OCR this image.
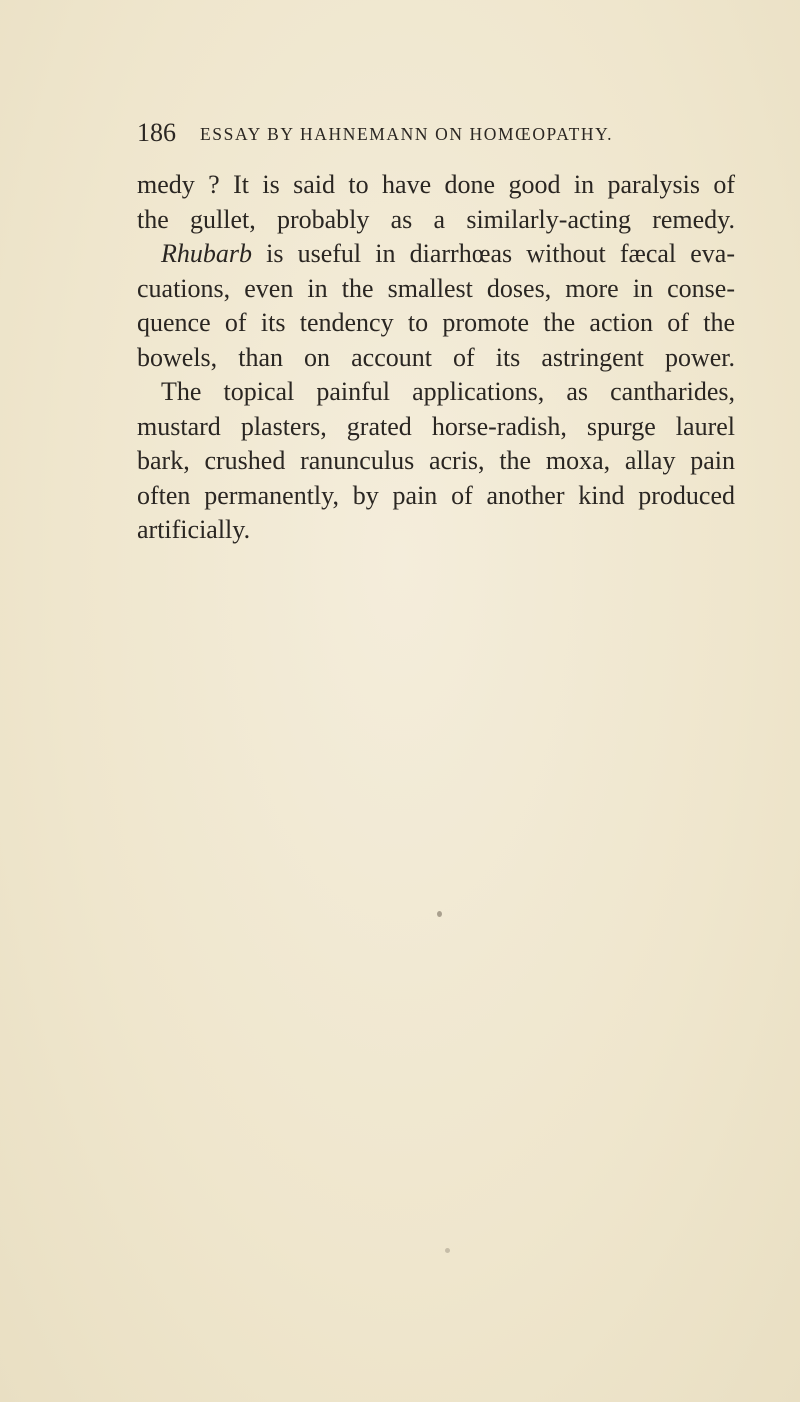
186 ESSAY BY HAHNEMANN ON HOMŒOPATHY.
medy ? It is said to have done good in paralysis of
the gullet, probably as a similarly-acting remedy.
Rhubarb is useful in diarrhœas without fæcal eva-
cuations, even in the smallest doses, more in conse-
quence of its tendency to promote the action of the
bowels, than on account of its astringent power.
The topical painful applications, as cantharides,
mustard plasters, grated horse-radish, spurge laurel
bark, crushed ranunculus acris, the moxa, allay pain
often permanently, by pain of another kind produced
artificially.
